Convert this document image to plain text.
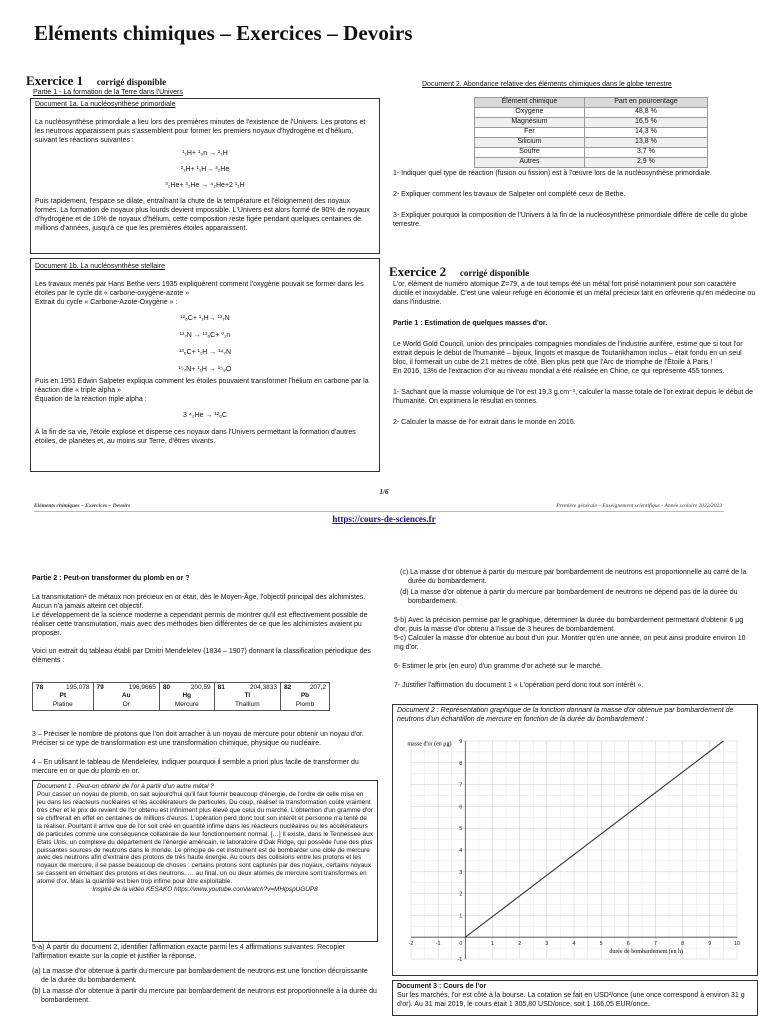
Eléments chimiques – Exercices – Devoirs
Exercice 1 corrigé disponible
Partie 1 - La formation de la Terre dans l'Univers
Document 1a. La nucléosynthèse primordiale
La nucléosynthèse primordiale a lieu lors des premières minutes de l'existence de l'Univers. Les protons et les neutrons apparaissent puis s'assemblent pour former les premiers noyaux d'hydrogène et d'hélium, suivant les réactions suivantes :
¹₁H+ ¹₀n → ²₁H
²₁H+ ¹₁H→ ³₂He
³₂He+ ³₂He → ⁴₂He+2 ¹₁H
Puis rapidement, l'espace se dilate, entraînant la chute de la température et l'éloignement des noyaux formés. La formation de noyaux plus lourds devient impossible. L'Univers est alors formé de 90% de noyaux d'hydrogène et de 10% de noyaux d'hélium, cette composition reste figée pendant quelques centaines de millions d'années, jusqu'à ce que les premières étoiles apparaissent.
Document 1b. La nucléosynthèse stellaire
Les travaux menés par Hans Bethe vers 1935 expliquèrent comment l'oxygène pouvait se former dans les étoiles par le cycle dit « carbone-oxygène-azote »
Extrait du cycle « Carbone-Azote-Oxygène » :
¹²₆C+ ¹₁H→ ¹³₇N
¹³₇N → ¹³₆C+ ⁰₁n
¹³₆C+ ¹₁H → ¹⁴₇N
¹⁵₇N+ ¹₁H → ¹⁵₈O
Puis en 1951 Edwin Salpeter expliqua comment les étoiles pouvaient transformer l'hélium en carbone par la réaction dite « triple alpha »
Équation de la réaction triple alpha :
3 ⁴₂He → ¹²₆C
À la fin de sa vie, l'étoile explose et disperse ces noyaux dans l'Univers permettant la formation d'autres étoiles, de planètes et, au moins sur Terre, d'êtres vivants.
Document 2. Abondance relative des éléments chimiques dans le globe terrestre
Élément chimique	Part en pourcentage
Oxygène	48,8 %
Magnésium	16,5 %
Fer	14,3 %
Silicium	13,8 %
Soufre	3,7 %
Autres	2,9 %
1- Indiquer quel type de réaction (fusion ou fission) est à l'œuvre lors de la nucléosynthèse primordiale.
2- Expliquer comment les travaux de Salpeter ont complété ceux de Bethe.
3- Expliquer pourquoi la composition de l'Univers à la fin de la nucléosynthèse primordiale diffère de celle du globe terrestre.
Exercice 2 corrigé disponible
L'or, élément de numéro atomique Z=79, a de tout temps été un métal fort prisé notamment pour son caractère ductile et inoxydable. C'est une valeur refuge en économie et un métal précieux tant en orfèvrerie qu'en médecine ou dans l'industrie.
Partie 1 : Estimation de quelques masses d'or.
Le World Gold Council, union des principales compagnies mondiales de l'industrie aurifère, estime que si tout l'or extrait depuis le début de l'humanité – bijoux, lingots et masque de Toutankhamon inclus – était fondu en un seul bloc, il formerait un cube de 21 mètres de côté. Bien plus petit que l'Arc de triomphe de l'Étoile à Paris !
En 2016, 13% de l'extraction d'or au niveau mondial a été réalisée en Chine, ce qui représente 455 tonnes.
1- Sachant que la masse volumique de l'or est 19,3 g.cm⁻³, calculer la masse totale de l'or extrait depuis le début de l'humanité. On exprimera le résultat en tonnes.
2- Calculer la masse de l'or extrait dans le monde en 2016.
1/6
Eléments chimiques – Exercices – Devoirs	Première générale – Enseignement scientifique - Année scolaire 2022/2023
https://cours-de-sciences.fr
Partie 2 : Peut-on transformer du plomb en or ?
La transmutation¹ de métaux non précieux en or était, dès le Moyen-Âge, l'objectif principal des alchimistes. Aucun n'a jamais atteint cet objectif.
Le développement de la science moderne a cependant permis de montrer qu'il est effectivement possible de réaliser cette transmutation, mais avec des méthodes bien différentes de ce que les alchimistes avaient pu proposer.
Voici un extrait du tableau établi par Dmitri Mendeleïev (1834 – 1907) donnant la classification périodique des éléments :
78	195,078
Pt
Platine

79	196,9665
Au
Or

80	200,59
Hg
Mercure

81	204,3833
Tl
Thallium

82	207,2
Pb
Plomb
3 – Préciser le nombre de protons que l'on doit arracher à un noyau de mercure pour obtenir un noyau d'or. Préciser si ce type de transformation est une transformation chimique, physique ou nucléaire.
4 – En utilisant le tableau de Mendeleïev, indiquer pourquoi il semble a priori plus facile de transformer du mercure en or que du plomb en or.
Document 1 : Peut-on obtenir de l'or à partir d'un autre métal ?
Pour casser un noyau de plomb, on sait aujourd'hui qu'il faut fournir beaucoup d'énergie, de l'ordre de celle mise en jeu dans les réacteurs nucléaires et les accélérateurs de particules. Du coup, réaliser la transformation coûte vraiment très cher et le prix de revient de l'or obtenu est infiniment plus élevé que celui du marché. L'obtention d'un gramme d'or se chiffrerait en effet en centaines de millions d'euros. L'opération perd donc tout son intérêt et personne n'a tenté de la réaliser. Pourtant il arrive que de l'or soit créé en quantité infime dans les réacteurs nucléaires ou les accélérateurs de particules comme une conséquence collatérale de leur fonctionnement normal. […] Il existe, dans le Tennessee aux Etats Unis, un complexe du département de l'énergie américain, le laboratoire d'Oak Ridge, qui possède l'une des plus puissantes sources de neutrons dans le monde. Le principe de cet instrument est de bombarder une cible de mercure avec des neutrons afin d'extraire des protons de très haute énergie. Au cours des collisions entre les protons et les noyaux de mercure, il se passe beaucoup de choses : certains protons sont capturés par des noyaux, certains noyaux se cassent en émettant des protons et des neutrons, … au final, un ou deux atomes de mercure sont transformés en atome d'or. Mais la quantité est bien trop infime pour être exploitable.
Inspiré de la vidéo KESAKO https://www.youtube.com/watch?v=MHlpspUGUP8
5-a) À partir du document 2, identifier l'affirmation exacte parmi les 4 affirmations suivantes. Recopier l'affirmation exacte sur la copie et justifier la réponse.
(a) La masse d'or obtenue à partir du mercure par bombardement de neutrons est une fonction décroissante de la durée du bombardement.
(b) La masse d'or obtenue à partir du mercure par bombardement de neutrons est proportionnelle à la durée du bombardement.
(c) La masse d'or obtenue à partir du mercure par bombardement de neutrons est proportionnelle au carré de la durée du bombardement.
(d) La masse d'or obtenue à partir du mercure par bombardement de neutrons ne dépend pas de la durée du bombardement.
5-b) Avec la précision permise par le graphique, déterminer la durée du bombardement permettant d'obtenir 6 μg d'or, puis la masse d'or obtenu à l'issue de 3 heures de bombardement.
5-c) Calculer la masse d'or obtenue au bout d'un jour. Montrer qu'en une année, on peut ainsi produire environ 10 mg d'or.
6- Estimer le prix (en euro) d'un gramme d'or acheté sur le marché.
7- Justifier l'affirmation du document 1 « L'opération perd donc tout son intérêt ».
Document 2 : Représentation graphique de la fonction donnant la masse d'or obtenue par bombardement de neutrons d'un échantillon de mercure en fonction de la durée du bombardement :
-2	-1	1	2	3	4	5	6	7	8	9	10
-1
1
2
3
4
5
6
7
8
9
0
masse d'or (en μg)
durée de bombardement (en h)
Document 3 : Cours de l'or
Sur les marchés, l'or est côté à la bourse. La cotation se fait en USD²/once (une once correspond à environ 31 g d'or). Au 31 mai 2019, le cours était 1 305,80 USD/once, soit 1 166,05 EUR/once.
